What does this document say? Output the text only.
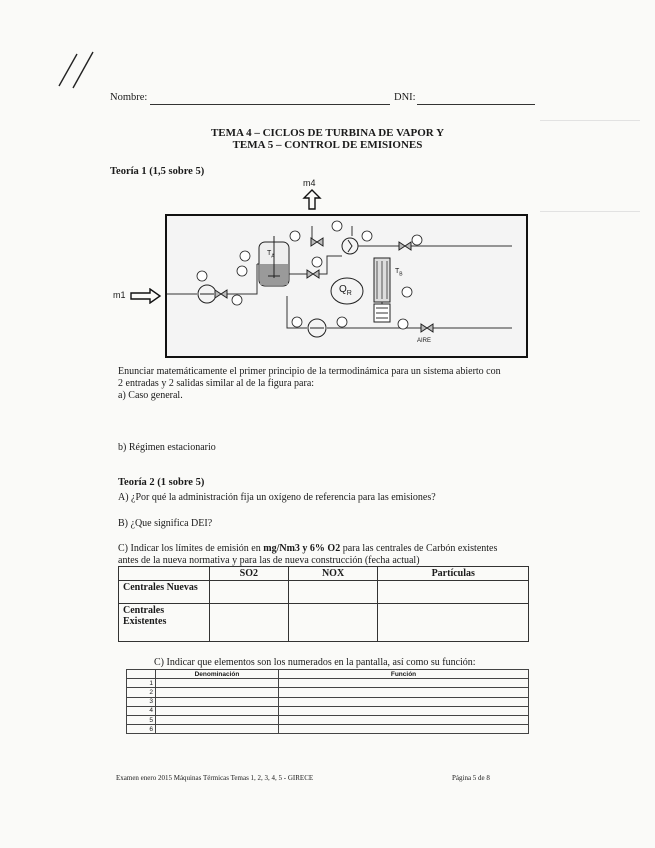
Nombre:	DNI:
TEMA 4 – CICLOS DE TURBINA DE VAPOR Y
TEMA 5 – CONTROL DE EMISIONES
Teoría 1 (1,5 sobre 5)
m4
m1
$T_A$
$T_B$
$Q_R$
AIRE
Enunciar matemáticamente el primer principio de la termodinámica para un sistema abierto con
2 entradas y 2 salidas similar al de la figura para:
a) Caso general.
b) Régimen estacionario
Teoría 2 (1 sobre 5)
A) ¿Por qué la administración fija un oxígeno de referencia para las emisiones?
B) ¿Que significa DEI?
C) Indicar los límites de emisión en mg/Nm3 y 6% O2 para las centrales de Carbón existentes
antes de la nueva normativa y para las de nueva construcción (fecha actual)
	SO2	NOX	Partículas
Centrales Nuevas			
Centrales Existentes			
C) Indicar que elementos son los numerados en la pantalla, así como su función:
	Denominación	Función
1		
2		
3		
4		
5		
6		
Examen enero 2015 Máquinas Térmicas Temas 1, 2, 3, 4, 5 - GIRECE	Página 5 de 8
